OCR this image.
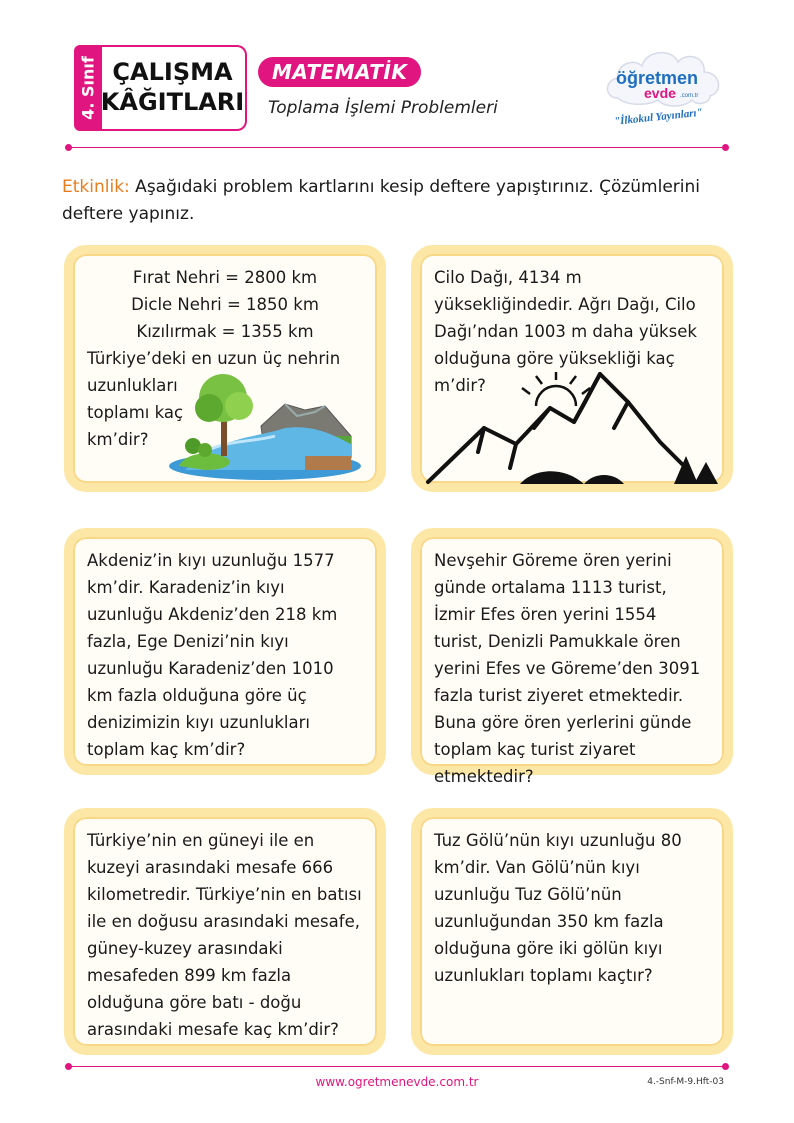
4. Sınıf ÇALIŞMA
KÂĞITLARI
MATEMATİK
Toplama İşlemi Problemleri
öğretmen
evde .com.tr
"İlkokul Yayınları"
Etkinlik: Aşağıdaki problem kartlarını kesip deftere yapıştırınız. Çözümlerini deftere yapınız.

Fırat Nehri = 2800 km

Dicle Nehri = 1850 km

Kızılırmak = 1355 km

Türkiye’deki en uzun üç nehrin

uzunlukları

toplamı kaç

km’dir?

Cilo Dağı, 4134 m yüksekliğindedir. Ağrı Dağı, Cilo Dağı’ndan 1003 m daha yüksek olduğuna göre yüksekliği kaç m’dir?

Akdeniz’in kıyı uzunluğu 1577 km’dir. Karadeniz’in kıyı uzunluğu Akdeniz’den 218 km fazla, Ege Denizi’nin kıyı uzunluğu Karadeniz’den 1010 km fazla olduğuna göre üç denizimizin kıyı uzunlukları toplam kaç km’dir?

Nevşehir Göreme ören yerini günde ortalama 1113 turist, İzmir Efes ören yerini 1554 turist, Denizli Pamukkale ören yerini Efes ve Göreme’den 3091 fazla turist ziyeret etmektedir. Buna göre ören yerlerini günde toplam kaç turist ziyaret etmektedir?

Türkiye’nin en güneyi ile en kuzeyi arasındaki mesafe 666 kilometredir. Türkiye’nin en batısı ile en doğusu arasındaki mesafe, güney-kuzey arasındaki mesafeden 899 km fazla olduğuna göre batı - doğu arasındaki mesafe kaç km’dir?

Tuz Gölü’nün kıyı uzunluğu 80 km’dir. Van Gölü’nün kıyı uzunluğu Tuz Gölü’nün uzunluğundan 350 km fazla olduğuna göre iki gölün kıyı uzunlukları toplamı kaçtır?

www.ogretmenevde.com.tr	4.-Snf-M-9.Hft-03
